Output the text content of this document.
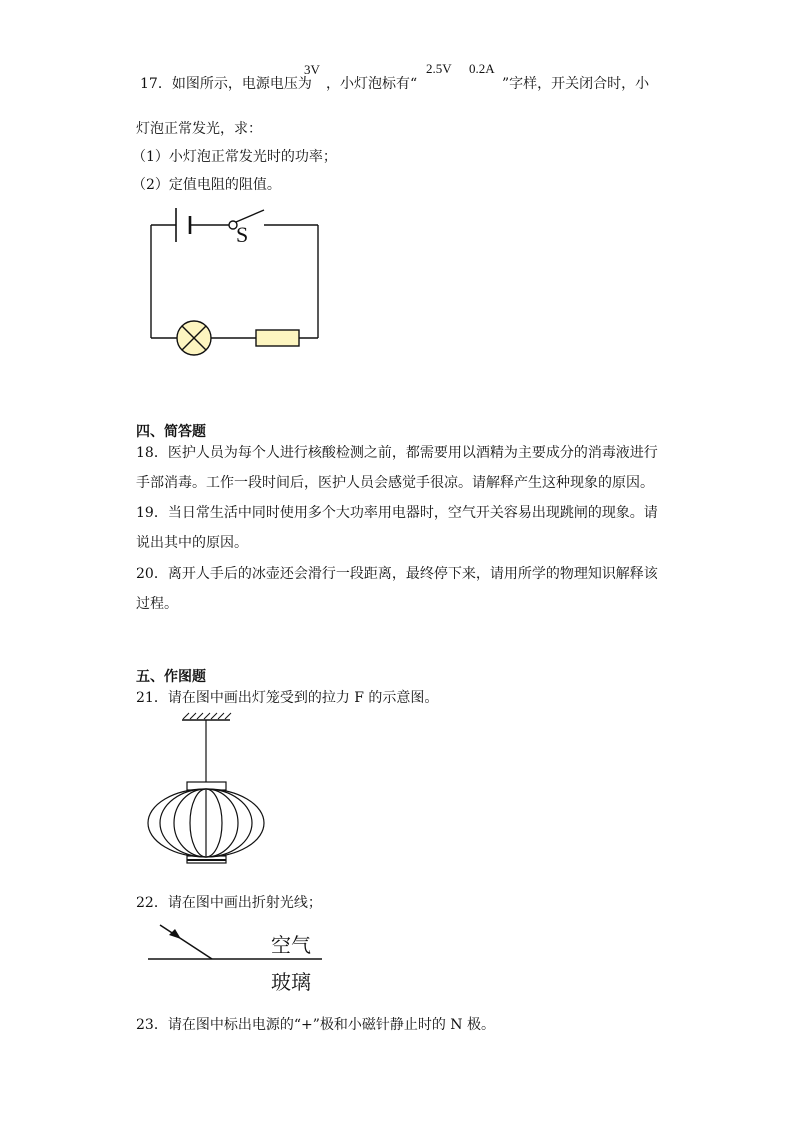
17．如图所示，电源电压为
3V
，小灯泡标有“
2.5V 0.2A
”字样，开关闭合时，小
灯泡正常发光，求：
（1）小灯泡正常发光时的功率；
（2）定值电阻的阻值。
S
四、简答题
18．医护人员为每个人进行核酸检测之前，都需要用以酒精为主要成分的消毒液进行
手部消毒。工作一段时间后，医护人员会感觉手很凉。请解释产生这种现象的原因。
19．当日常生活中同时使用多个大功率用电器时，空气开关容易出现跳闸的现象。请
说出其中的原因。
20．离开人手后的冰壶还会滑行一段距离，最终停下来，请用所学的物理知识解释该
过程。
五、作图题
21．请在图中画出灯笼受到的拉力 F 的示意图。
22．请在图中画出折射光线；
空气
玻璃
23．请在图中标出电源的“+”极和小磁针静止时的 N 极。
